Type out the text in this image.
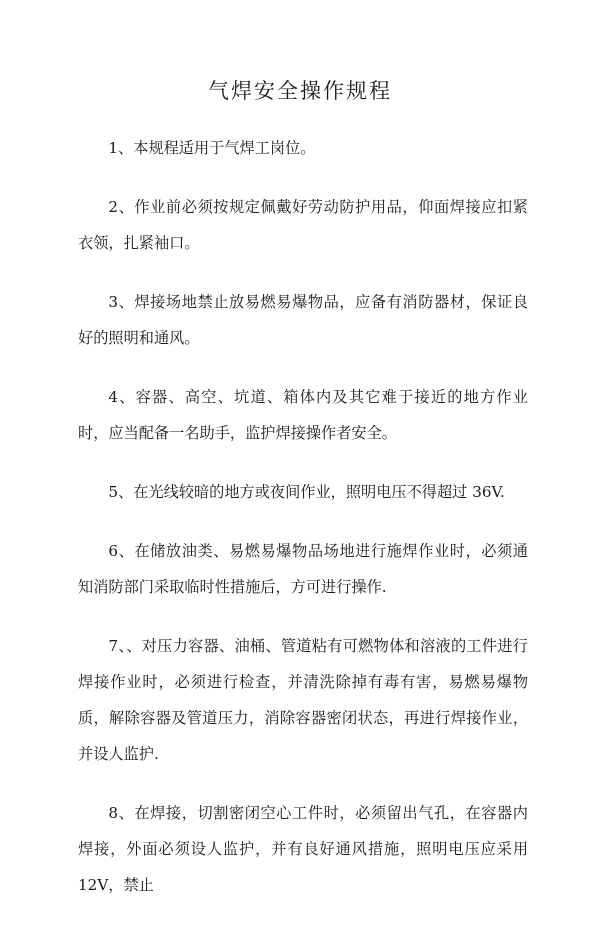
气焊安全操作规程

1、本规程适用于气焊工岗位。

2、作业前必须按规定佩戴好劳动防护用品，仰面焊接应扣紧衣领，扎紧袖口。

3、焊接场地禁止放易燃易爆物品，应备有消防器材，保证良好的照明和通风。

4、容器、高空、坑道、箱体内及其它难于接近的地方作业时，应当配备一名助手，监护焊接操作者安全。

5、在光线较暗的地方或夜间作业，照明电压不得超过 36V.

6、在储放油类、易燃易爆物品场地进行施焊作业时，必须通知消防部门采取临时性措施后，方可进行操作.

7、、对压力容器、油桶、管道粘有可燃物体和溶液的工件进行焊接作业时，必须进行检查，并清洗除掉有毒有害，易燃易爆物质，解除容器及管道压力，消除容器密闭状态，再进行焊接作业，并设人监护.

8、在焊接，切割密闭空心工件时，必须留出气孔，在容器内焊接，外面必须设人监护，并有良好通风措施，照明电压应采用 12V，禁止
